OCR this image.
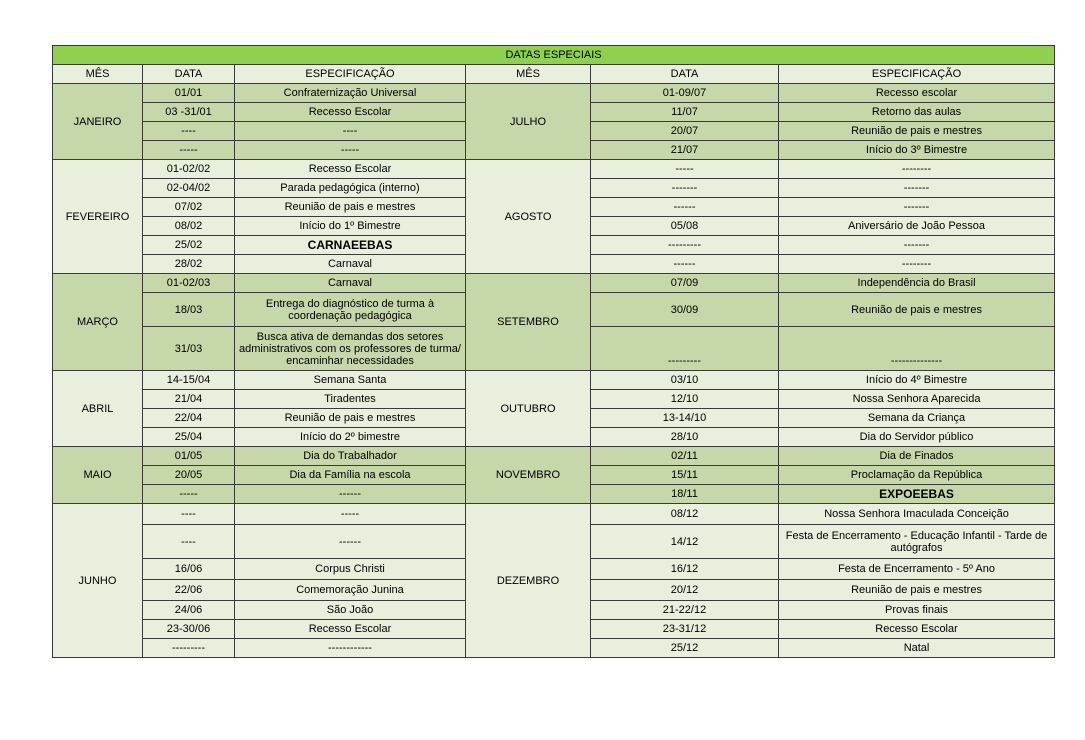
DATAS ESPECIAIS					
MÊS	DATA	ESPECIFICAÇÃO	MÊS	DATA	ESPECIFICAÇÃO
JANEIRO	01/01	Confraternização Universal	JULHO	01-09/07	Recesso escolar
	03 -31/01	Recesso Escolar		11/07	Retorno das aulas
	----	----		20/07	Reunião de pais e mestres
	-----	-----		21/07	Início do 3º Bimestre
FEVEREIRO	01-02/02	Recesso Escolar	AGOSTO	-----	--------
	02-04/02	Parada pedagógica (interno)		-------	-------
	07/02	Reunião de pais e mestres		------	-------
	08/02	Início do 1º Bimestre		05/08	Aniversário de João Pessoa
	25/02	CARNAEEBAS		---------	-------
	28/02	Carnaval		------	--------
MARÇO	01-02/03	Carnaval	SETEMBRO	07/09	Independência do Brasil
	18/03	Entrega do diagnóstico de turma à coordenação pedagógica		30/09	Reunião de pais e mestres
	31/03	Busca ativa de demandas dos setores administrativos com os professores de turma/ encaminhar necessidades		---------	--------------
ABRIL	14-15/04	Semana Santa	OUTUBRO	03/10	Início do 4º Bimestre
	21/04	Tiradentes		12/10	Nossa Senhora Aparecida
	22/04	Reunião de pais e mestres		13-14/10	Semana da Criança
	25/04	Início do 2º bimestre		28/10	Dia do Servidor público
MAIO	01/05	Dia do Trabalhador	NOVEMBRO	02/11	Dia de Finados
	20/05	Dia da Família na escola		15/11	Proclamação da República
	-----	------		18/11	EXPOEEBAS
JUNHO	----	-----	DEZEMBRO	08/12	Nossa Senhora Imaculada Conceição
	----	------		14/12	Festa de Encerramento - Educação Infantil - Tarde de autógrafos
	16/06	Corpus Christi		16/12	Festa de Encerramento - 5º Ano
	22/06	Comemoração Junina		20/12	Reunião de pais e mestres
	24/06	São João		21-22/12	Provas finais
	23-30/06	Recesso Escolar		23-31/12	Recesso Escolar
	---------	------------		25/12	Natal
